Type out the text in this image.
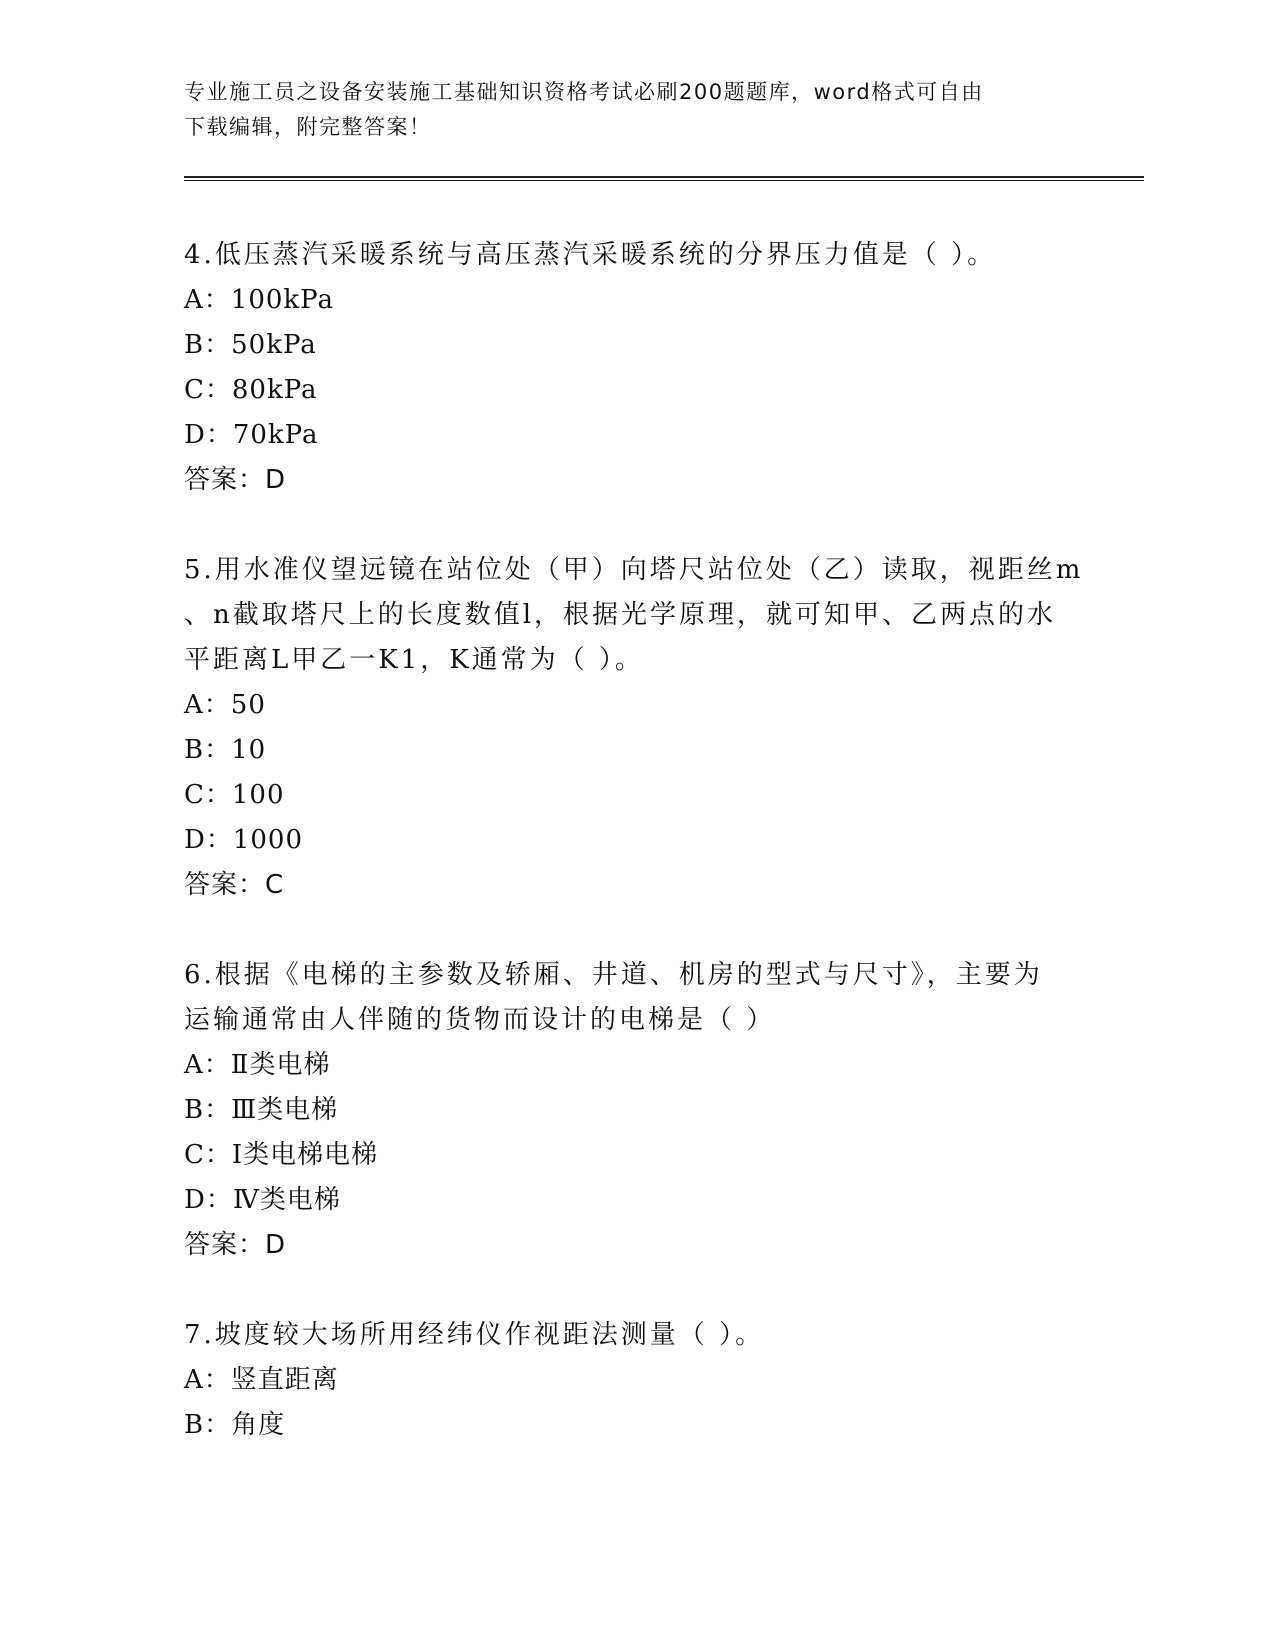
专业施工员之设备安装施工基础知识资格考试必刷200题题库，word格式可自由
下载编辑，附完整答案！

4.低压蒸汽采暖系统与高压蒸汽采暖系统的分界压力值是（ ）。

A：100kPa
B：50kPa
C：80kPa
D：70kPa
答案：D

5.用水准仪望远镜在站位处（甲）向塔尺站位处（乙）读取，视距丝m
、n截取塔尺上的长度数值l，根据光学原理，就可知甲、乙两点的水
平距离L甲乙一K1，K通常为（ ）。

A：50
B：10
C：100
D：1000
答案：C

6.根据《电梯的主参数及轿厢、井道、机房的型式与尺寸》，主要为
运输通常由人伴随的货物而设计的电梯是（ ）

A：Ⅱ类电梯
B：Ⅲ类电梯
C：Ⅰ类电梯电梯
D：Ⅳ类电梯
答案：D

7.坡度较大场所用经纬仪作视距法测量（ ）。

A：竖直距离
B：角度
